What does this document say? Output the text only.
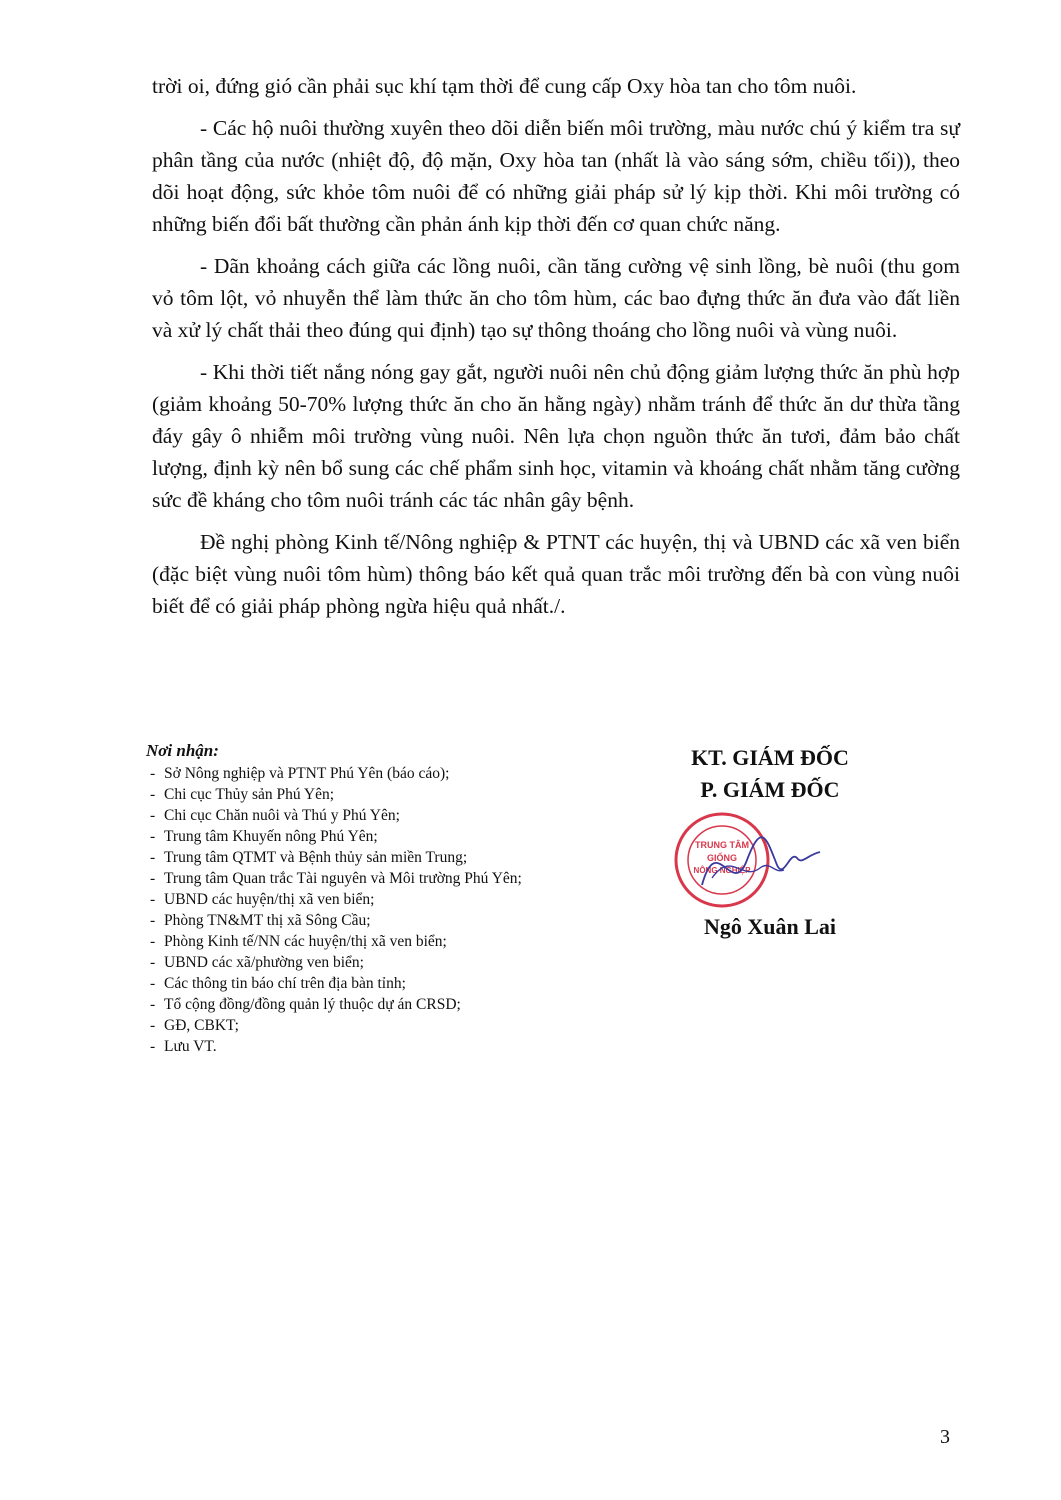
trời oi, đứng gió cần phải sục khí tạm thời để cung cấp Oxy hòa tan cho tôm nuôi.

- Các hộ nuôi thường xuyên theo dõi diễn biến môi trường, màu nước chú ý kiểm tra sự phân tầng của nước (nhiệt độ, độ mặn, Oxy hòa tan (nhất là vào sáng sớm, chiều tối)), theo dõi hoạt động, sức khỏe tôm nuôi để có những giải pháp sử lý kịp thời. Khi môi trường có những biến đổi bất thường cần phản ánh kịp thời đến cơ quan chức năng.

- Dãn khoảng cách giữa các lồng nuôi, cần tăng cường vệ sinh lồng, bè nuôi (thu gom vỏ tôm lột, vỏ nhuyễn thể làm thức ăn cho tôm hùm, các bao đựng thức ăn đưa vào đất liền và xử lý chất thải theo đúng qui định) tạo sự thông thoáng cho lồng nuôi và vùng nuôi.

- Khi thời tiết nắng nóng gay gắt, người nuôi nên chủ động giảm lượng thức ăn phù hợp (giảm khoảng 50-70% lượng thức ăn cho ăn hằng ngày) nhằm tránh để thức ăn dư thừa tầng đáy gây ô nhiễm môi trường vùng nuôi. Nên lựa chọn nguồn thức ăn tươi, đảm bảo chất lượng, định kỳ nên bổ sung các chế phẩm sinh học, vitamin và khoáng chất nhằm tăng cường sức đề kháng cho tôm nuôi tránh các tác nhân gây bệnh.

Đề nghị phòng Kinh tế/Nông nghiệp & PTNT các huyện, thị và UBND các xã ven biển (đặc biệt vùng nuôi tôm hùm) thông báo kết quả quan trắc môi trường đến bà con vùng nuôi biết để có giải pháp phòng ngừa hiệu quả nhất./.

Nơi nhận:
- Sở Nông nghiệp và PTNT Phú Yên (báo cáo);
- Chi cục Thủy sản Phú Yên;
- Chi cục Chăn nuôi và Thú y Phú Yên;
- Trung tâm Khuyến nông Phú Yên;
- Trung tâm QTMT và Bệnh thủy sản miền Trung;
- Trung tâm Quan trắc Tài nguyên và Môi trường Phú Yên;
- UBND các huyện/thị xã ven biển;
- Phòng TN&MT thị xã Sông Cầu;
- Phòng Kinh tế/NN các huyện/thị xã ven biển;
- UBND các xã/phường ven biển;
- Các thông tin báo chí trên địa bàn tỉnh;
- Tổ cộng đồng/đồng quản lý thuộc dự án CRSD;
- GĐ, CBKT;
- Lưu VT.
KT. GIÁM ĐỐC
P. GIÁM ĐỐC
TRUNG TÂM
GIỐNG
NÔNG NGHIỆP
Ngô Xuân Lai
3
